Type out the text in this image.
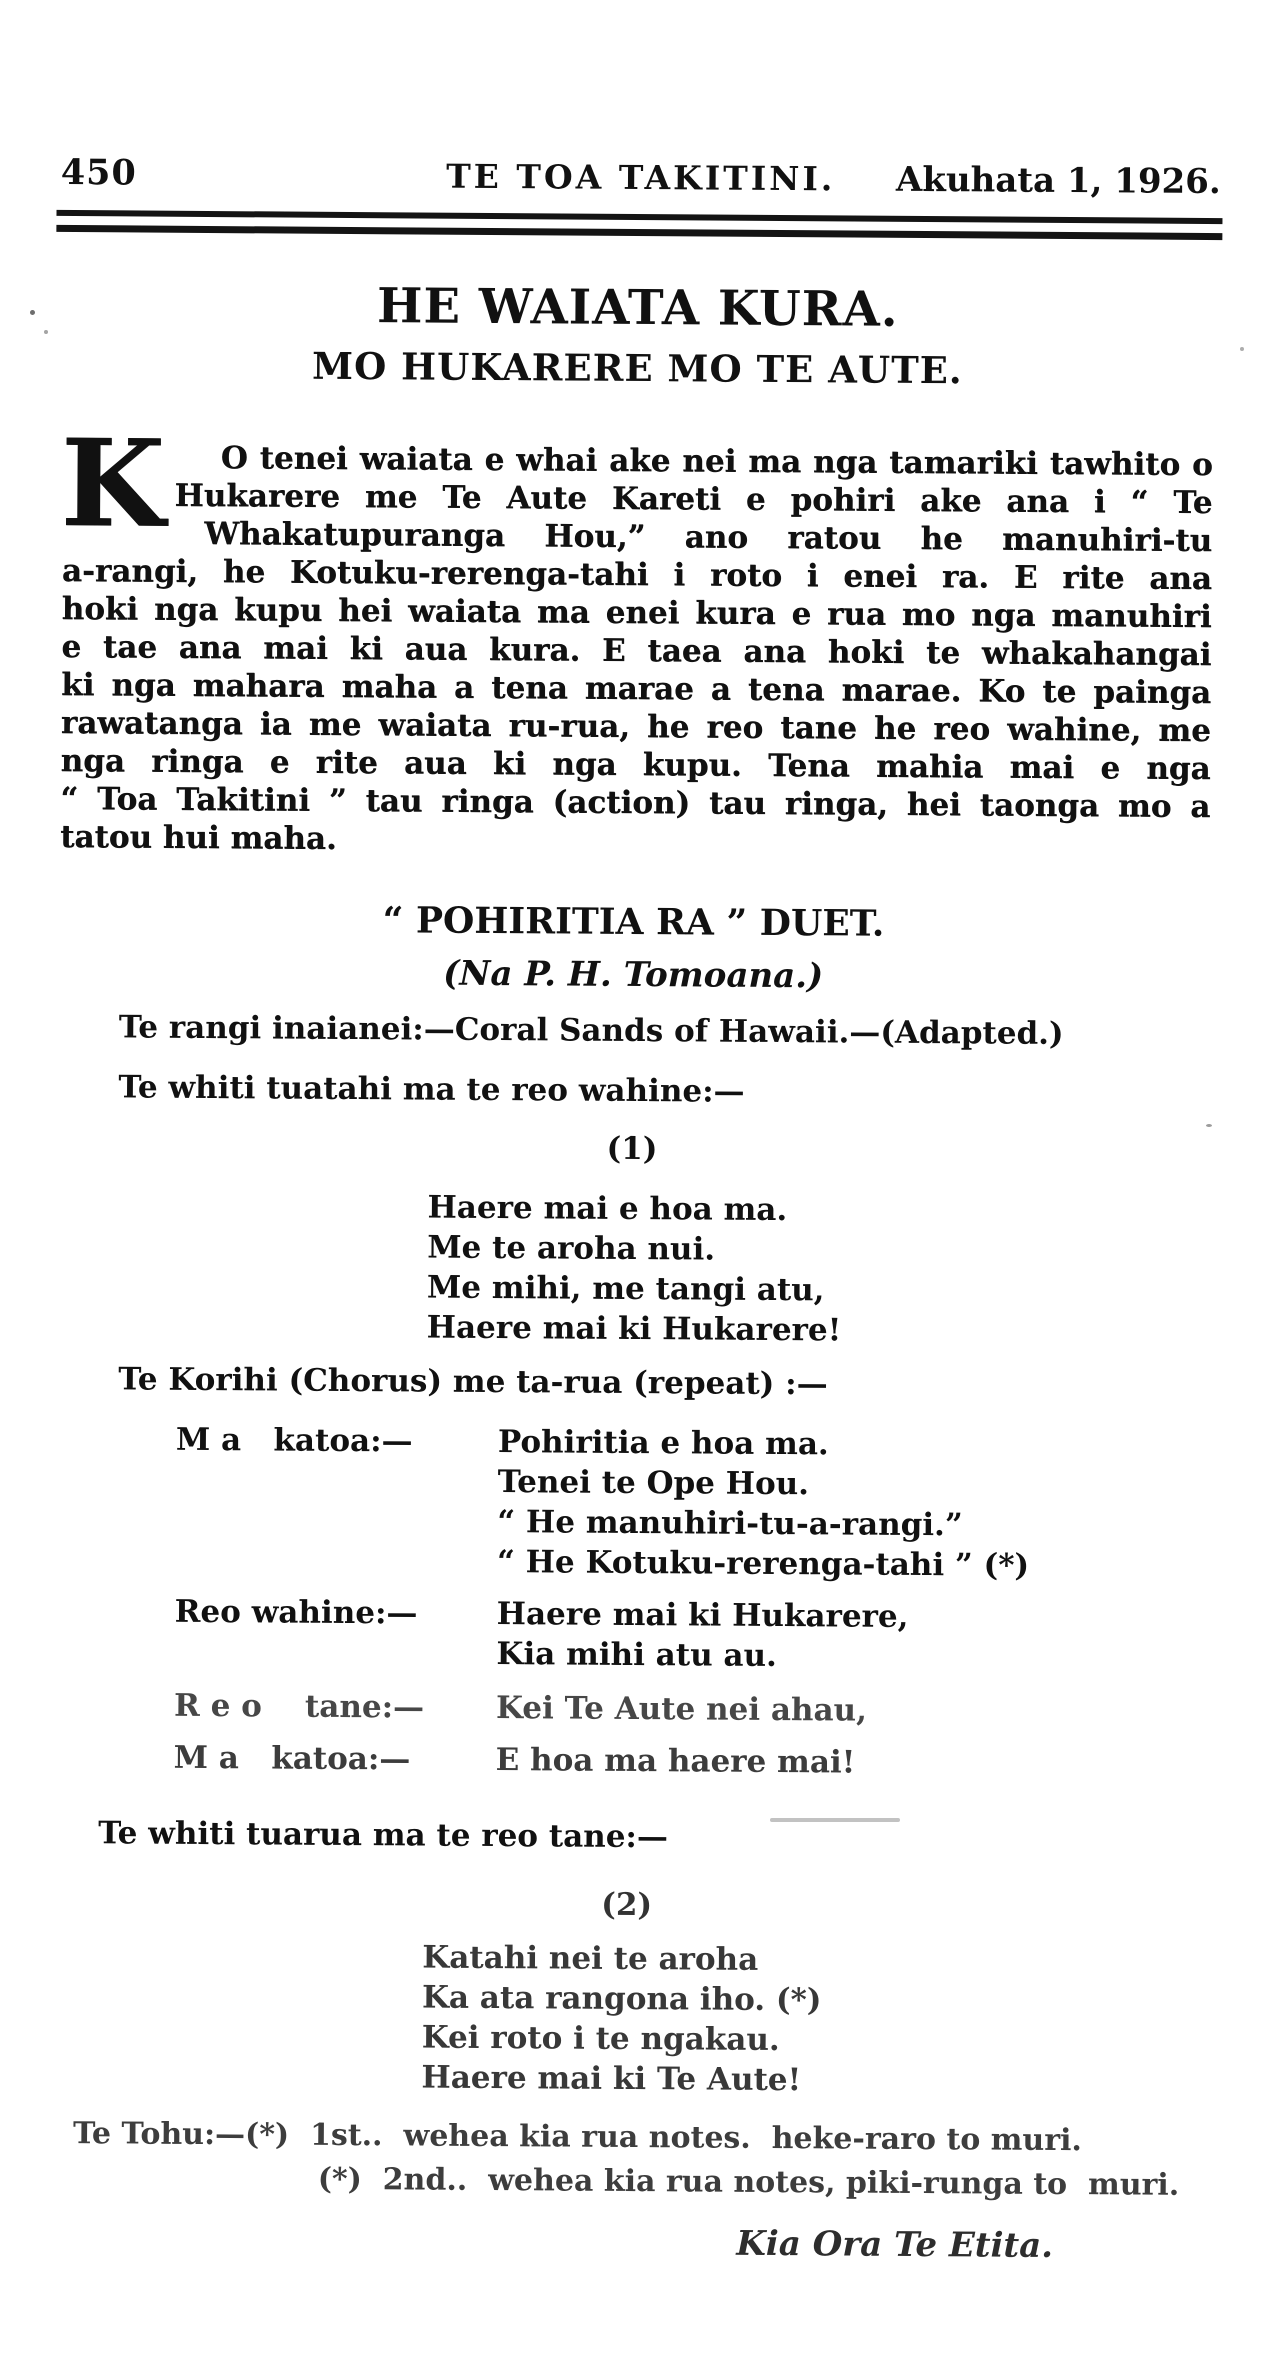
450	TE TOA TAKITINI. Akuhata 1, 1926.
HE WAIATA KURA.
MO HUKARERE MO TE AUTE.
K	O tenei waiata e whai ake nei ma nga tamariki tawhito o
Hukarere me Te Aute Kareti e pohiri ake ana i “ Te
Whakatupuranga Hou,” ano ratou he manuhiri-tu
a-rangi, he Kotuku-rerenga-tahi i roto i enei ra. E rite ana
hoki nga kupu hei waiata ma enei kura e rua mo nga manuhiri
e tae ana mai ki aua kura. E taea ana hoki te whakahangai
ki nga mahara maha a tena marae a tena marae. Ko te painga
rawatanga ia me waiata ru-rua, he reo tane he reo wahine, me
nga ringa e rite aua ki nga kupu. Tena mahia mai e nga
“ Toa Takitini ” tau ringa (action) tau ringa, hei taonga mo a
tatou hui maha.
“ POHIRITIA RA ” DUET.
(Na P. H. Tomoana.)
Te rangi inaianei:—Coral Sands of Hawaii.—(Adapted.)
Te whiti tuatahi ma te reo wahine:—
(1)
Haere mai e hoa ma.
Me te aroha nui.
Me mihi, me tangi atu,
Haere mai ki Hukarere!
Te Korihi (Chorus) me ta-rua (repeat) :—
M a   katoa:—	Pohiritia e hoa ma.
Tenei te Ope Hou.
“ He manuhiri-tu-a-rangi.”
“ He Kotuku-rerenga-tahi ” (*)
Reo wahine:—	Haere mai ki Hukarere,
Kia mihi atu au.
R e o    tane:—	Kei Te Aute nei ahau,
M a   katoa:—	E hoa ma haere mai!
Te whiti tuarua ma te reo tane:—
(2)
Katahi nei te aroha
Ka ata rangona iho. (*)
Kei roto i te ngakau.
Haere mai ki Te Aute!
Te Tohu:—(*)  1st..  wehea kia rua notes.  heke-raro to muri.
(*)  2nd..  wehea kia rua notes, piki-runga to  muri.
Kia Ora Te Etita.
